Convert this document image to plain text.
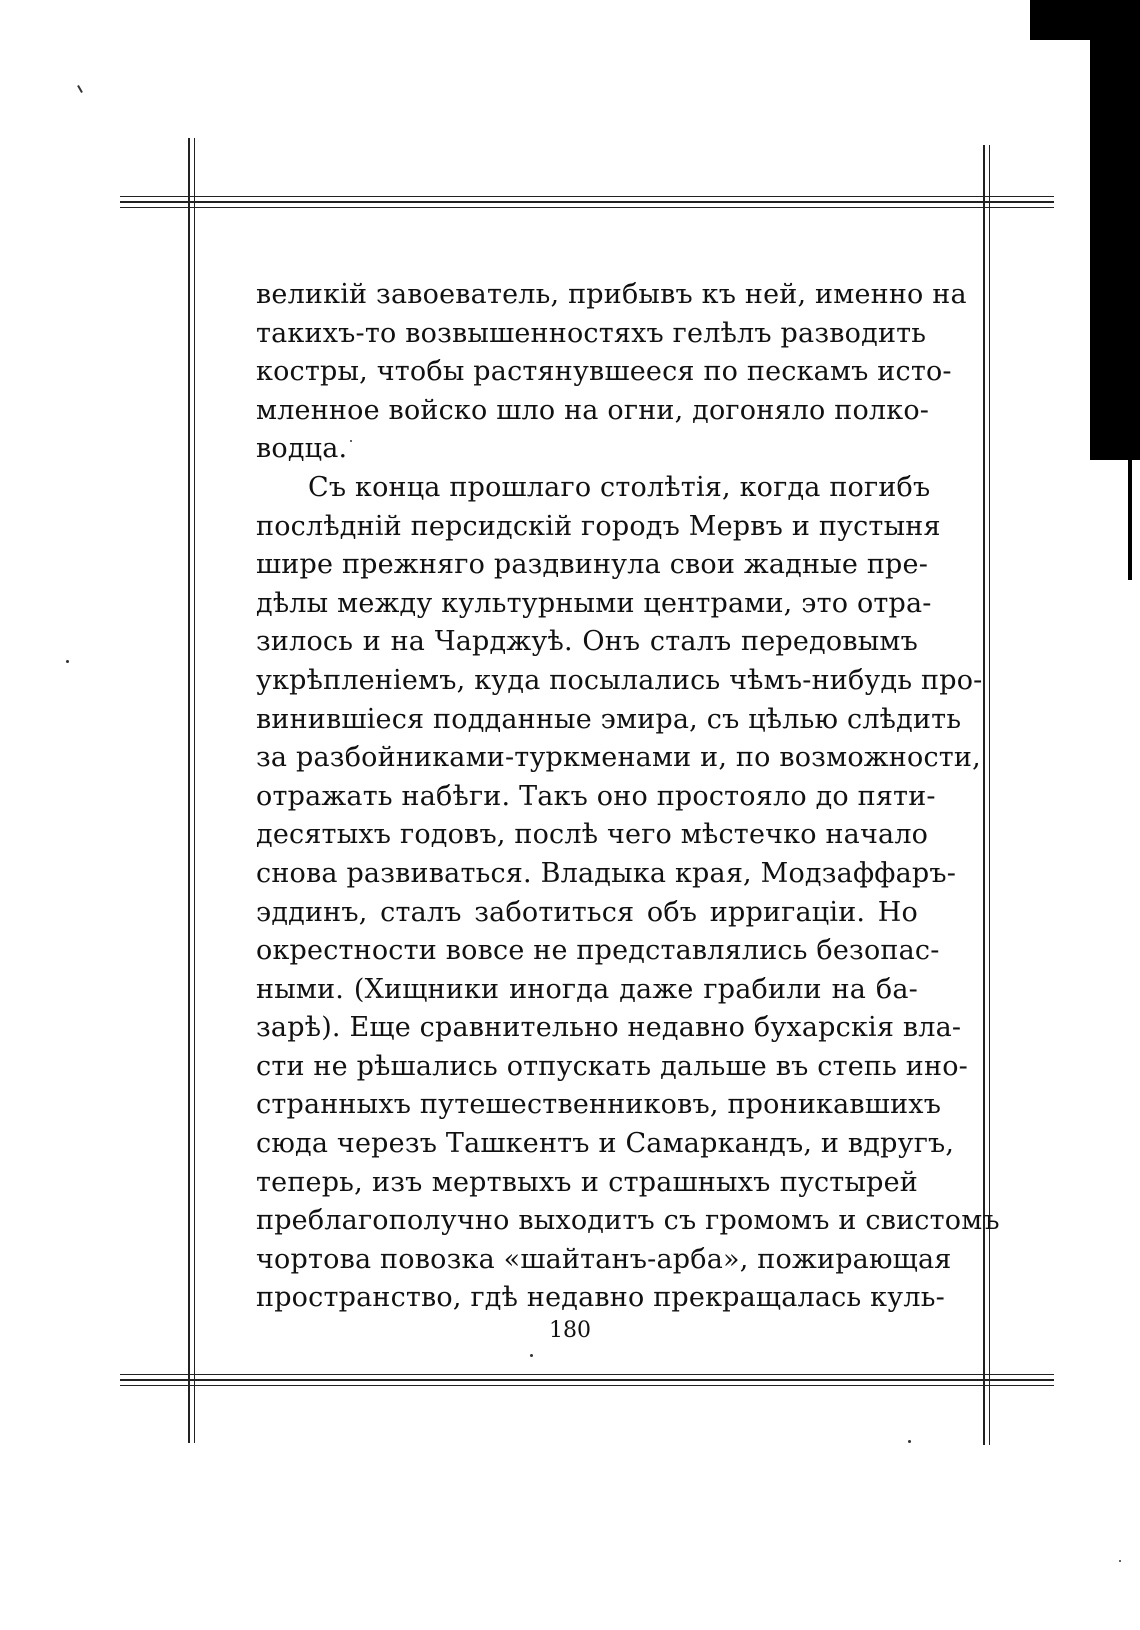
великій завоеватель, прибывъ къ ней, именно на
такихъ-то возвышенностяхъ гелѣлъ разводить
костры, чтобы растянувшееся по пескамъ исто-
мленное войско шло на огни, догоняло полко-
водца.
Съ конца прошлаго столѣтія, когда погибъ
послѣдній персидскій городъ Мервъ и пустыня
шире прежняго раздвинула свои жадные пре-
дѣлы между культурными центрами, это отра-
зилось и на Чарджуѣ. Онъ сталъ передовымъ
укрѣпленіемъ, куда посылались чѣмъ-нибудь про-
винившіеся подданные эмира, съ цѣлью слѣдить
за разбойниками-туркменами и, по возможности,
отражать набѣги. Такъ оно простояло до пяти-
десятыхъ годовъ, послѣ чего мѣстечко начало
снова развиваться. Владыка края, Модзаффаръ-
эддинъ, сталъ заботиться объ ирригаціи. Но
окрестности вовсе не представлялись безопас-
ными. (Хищники иногда даже грабили на ба-
зарѣ). Еще сравнительно недавно бухарскія вла-
сти не рѣшались отпускать дальше въ степь ино-
странныхъ путешественниковъ, проникавшихъ
сюда черезъ Ташкентъ и Самаркандъ, и вдругъ,
теперь, изъ мертвыхъ и страшныхъ пустырей
преблагополучно выходитъ съ громомъ и свистомъ
чортова повозка «шайтанъ-арба», пожирающая
пространство, гдѣ недавно прекращалась куль-
180
